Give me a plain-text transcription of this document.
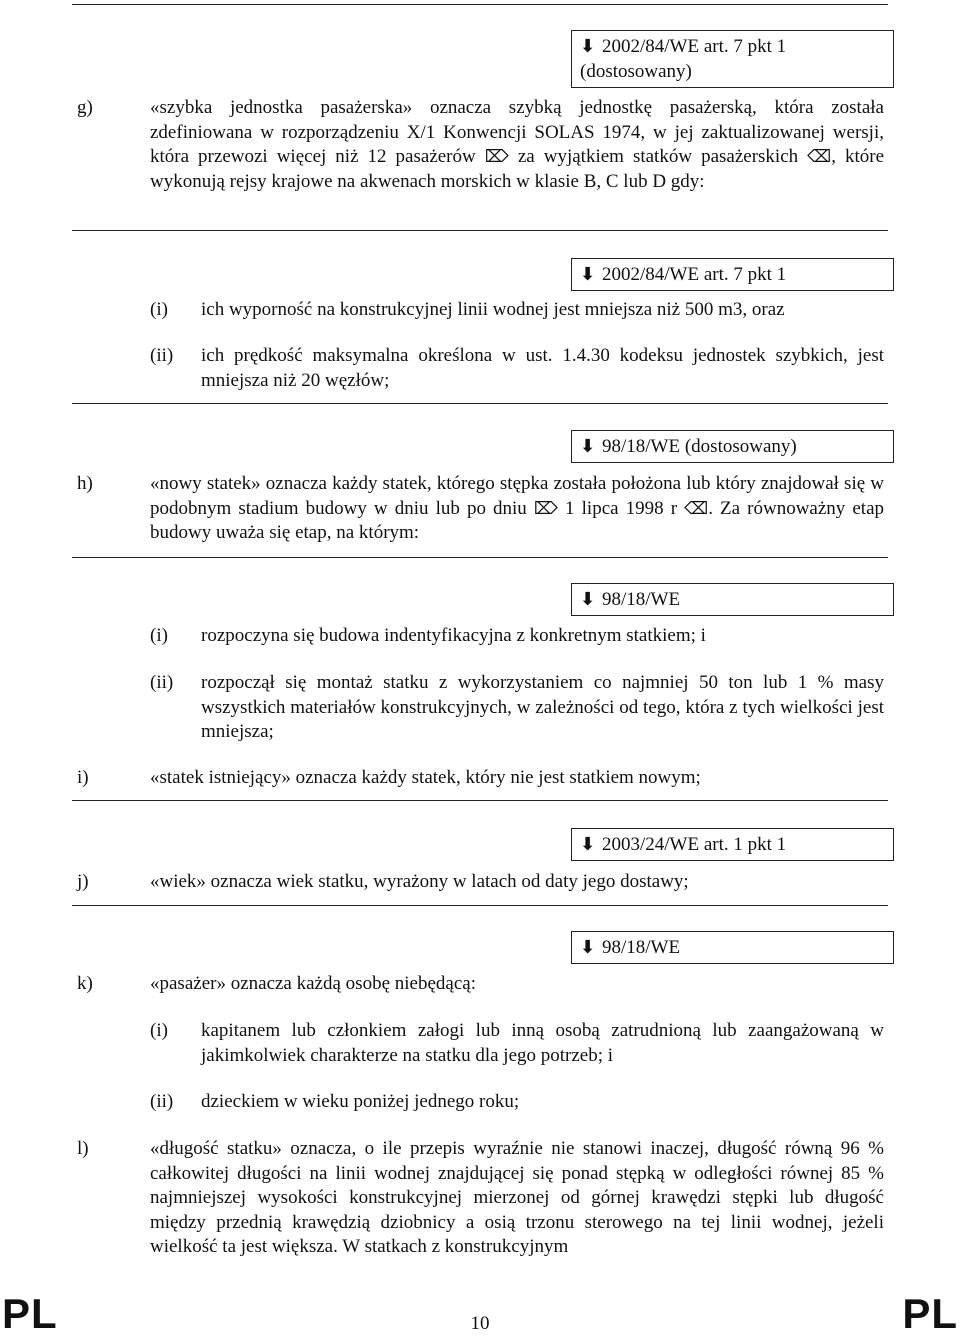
⬇ 2002/84/WE art. 7 pkt 1 (dostosowany)
g)	«szybka jednostka pasażerska» oznacza szybką jednostkę pasażerską, która została zdefiniowana w rozporządzeniu X/1 Konwencji SOLAS 1974, w jej zaktualizowanej wersji, która przewozi więcej niż 12 pasażerów ⌦ za wyjątkiem statków pasażerskich ⌫, które wykonują rejsy krajowe na akwenach morskich w klasie B, C lub D gdy:
⬇ 2002/84/WE art. 7 pkt 1
(i) ich wyporność na konstrukcyjnej linii wodnej jest mniejsza niż 500 m3, oraz
(ii) ich prędkość maksymalna określona w ust. 1.4.30 kodeksu jednostek szybkich, jest mniejsza niż 20 węzłów;
⬇ 98/18/WE (dostosowany)
h)	«nowy statek» oznacza każdy statek, którego stępka została położona lub który znajdował się w podobnym stadium budowy w dniu lub po dniu ⌦ 1 lipca 1998 r ⌫. Za równoważny etap budowy uważa się etap, na którym:
⬇ 98/18/WE
(i) rozpoczyna się budowa indentyfikacyjna z konkretnym statkiem; i
(ii) rozpoczął się montaż statku z wykorzystaniem co najmniej 50 ton lub 1 % masy wszystkich materiałów konstrukcyjnych, w zależności od tego, która z tych wielkości jest mniejsza;
i)	«statek istniejący» oznacza każdy statek, który nie jest statkiem nowym;
⬇ 2003/24/WE art. 1 pkt 1
j)	«wiek» oznacza wiek statku, wyrażony w latach od daty jego dostawy;
⬇ 98/18/WE
k)	«pasażer» oznacza każdą osobę niebędącą:
(i) kapitanem lub członkiem załogi lub inną osobą zatrudnioną lub zaangażowaną w jakimkolwiek charakterze na statku dla jego potrzeb; i
(ii) dzieckiem w wieku poniżej jednego roku;
l)	«długość statku» oznacza, o ile przepis wyraźnie nie stanowi inaczej, długość równą 96 % całkowitej długości na linii wodnej znajdującej się ponad stępką w odległości równej 85 % najmniejszej wysokości konstrukcyjnej mierzonej od górnej krawędzi stępki lub długość między przednią krawędzią dziobnicy a osią trzonu sterowego na tej linii wodnej, jeżeli wielkość ta jest większa. W statkach z konstrukcyjnym
PL	10	PL
